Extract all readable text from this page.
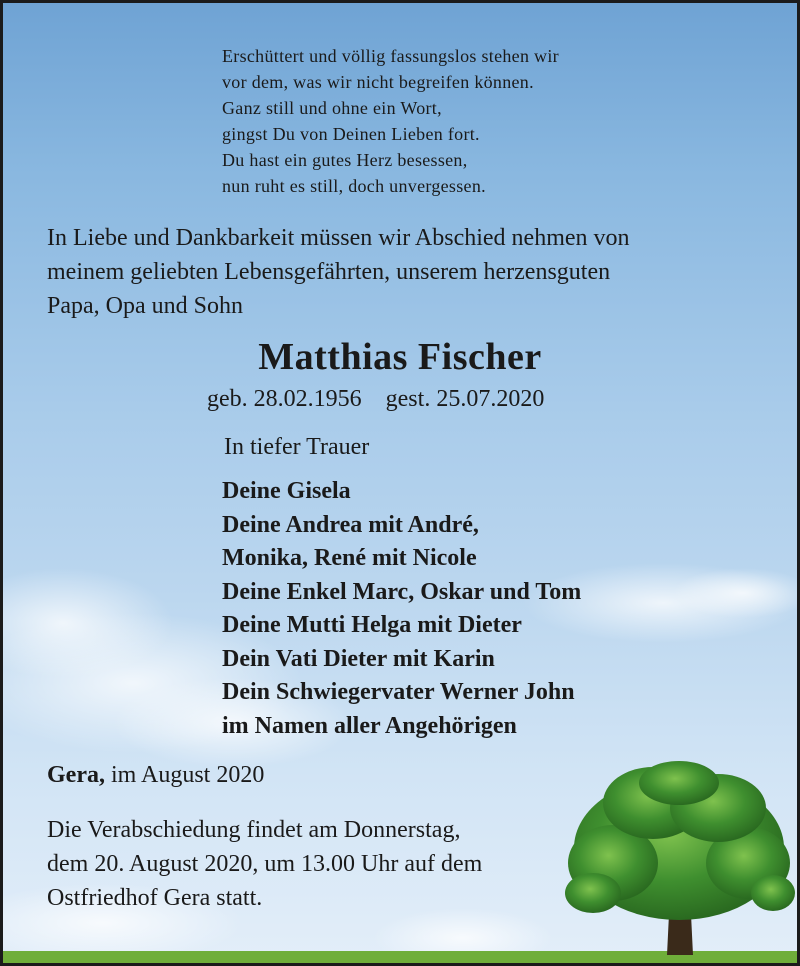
Erschüttert und völlig fassungslos stehen wir
vor dem, was wir nicht begreifen können.
Ganz still und ohne ein Wort,
gingst Du von Deinen Lieben fort.
Du hast ein gutes Herz besessen,
nun ruht es still, doch unvergessen.
In Liebe und Dankbarkeit müssen wir Abschied nehmen von
meinem geliebten Lebensgefährten, unserem herzensguten
Papa, Opa und Sohn
Matthias Fischer
geb. 28.02.1956 gest. 25.07.2020
In tiefer Trauer
Deine Gisela
Deine Andrea mit André,
Monika, René mit Nicole
Deine Enkel Marc, Oskar und Tom
Deine Mutti Helga mit Dieter
Dein Vati Dieter mit Karin
Dein Schwiegervater Werner John
im Namen aller Angehörigen
Gera, im August 2020
Die Verabschiedung findet am Donnerstag,
dem 20. August 2020, um 13.00 Uhr auf dem
Ostfriedhof Gera statt.
